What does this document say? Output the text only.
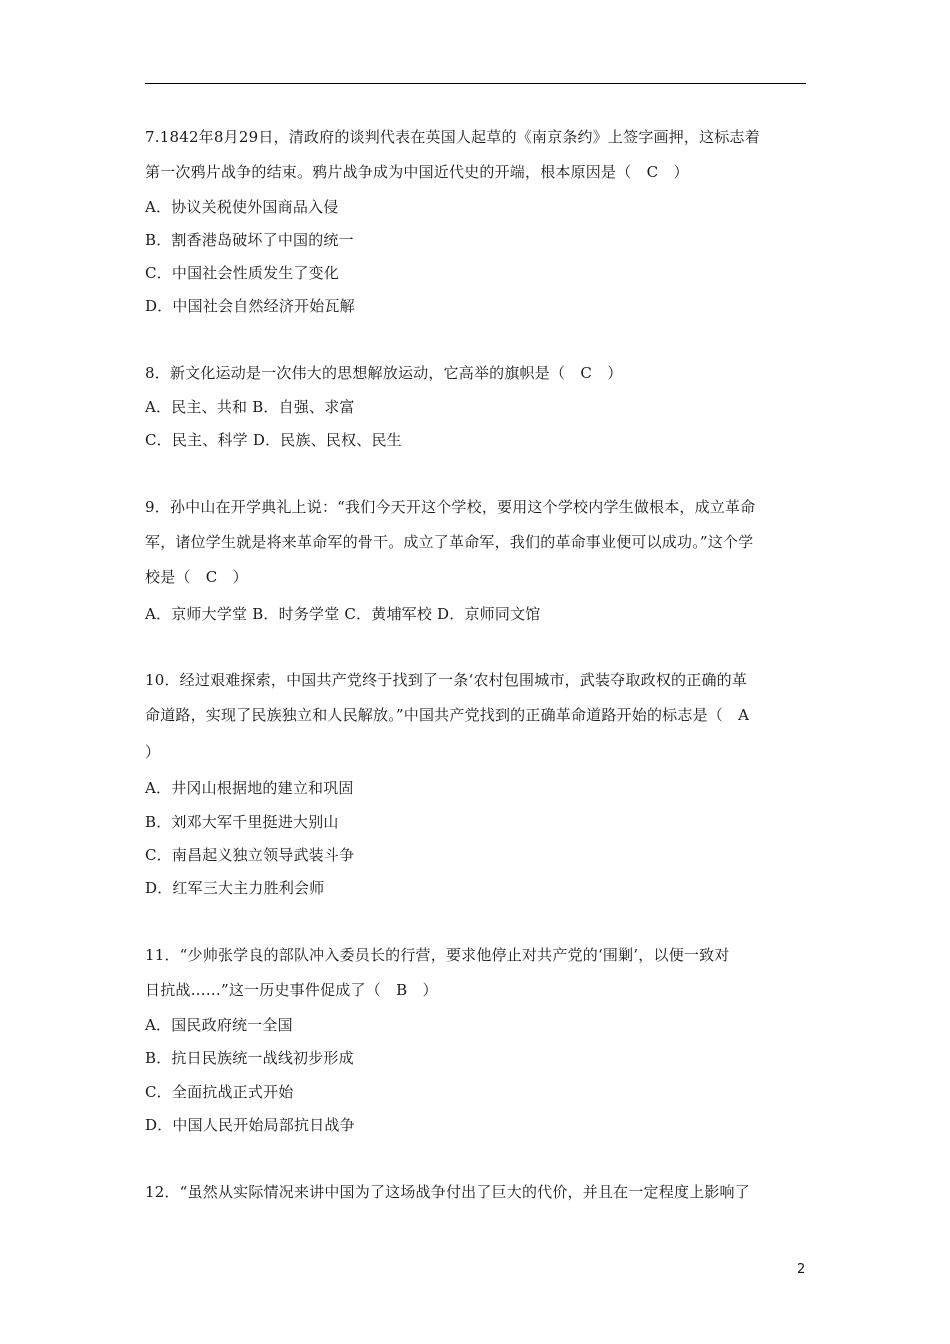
7.1842年8月29日，清政府的谈判代表在英国人起草的《南京条约》上签字画押，这标志着
第一次鸦片战争的结束。鸦片战争成为中国近代史的开端，根本原因是（　C　）
A．协议关税使外国商品入侵
B．割香港岛破坏了中国的统一
C．中国社会性质发生了变化
D．中国社会自然经济开始瓦解
8．新文化运动是一次伟大的思想解放运动，它高举的旗帜是（　C　）
A．民主、共和 B．自强、求富
C．民主、科学 D．民族、民权、民生
9．孙中山在开学典礼上说：“我们今天开这个学校，要用这个学校内学生做根本，成立革命
军，诸位学生就是将来革命军的骨干。成立了革命军，我们的革命事业便可以成功。”这个学
校是（　C　）
A．京师大学堂 B．时务学堂 C．黄埔军校 D．京师同文馆
10．经过艰难探索，中国共产党终于找到了一条‘农村包围城市，武装夺取政权的正确的革
命道路，实现了民族独立和人民解放。”中国共产党找到的正确革命道路开始的标志是（　A
）
A．井冈山根据地的建立和巩固
B．刘邓大军千里挺进大别山
C．南昌起义独立领导武装斗争
D．红军三大主力胜利会师
11．“少帅张学良的部队冲入委员长的行营，要求他停止对共产党的‘围剿’，以便一致对
日抗战……”这一历史事件促成了（　B　）
A．国民政府统一全国
B．抗日民族统一战线初步形成
C．全面抗战正式开始
D．中国人民开始局部抗日战争
12．“虽然从实际情况来讲中国为了这场战争付出了巨大的代价，并且在一定程度上影响了
2
